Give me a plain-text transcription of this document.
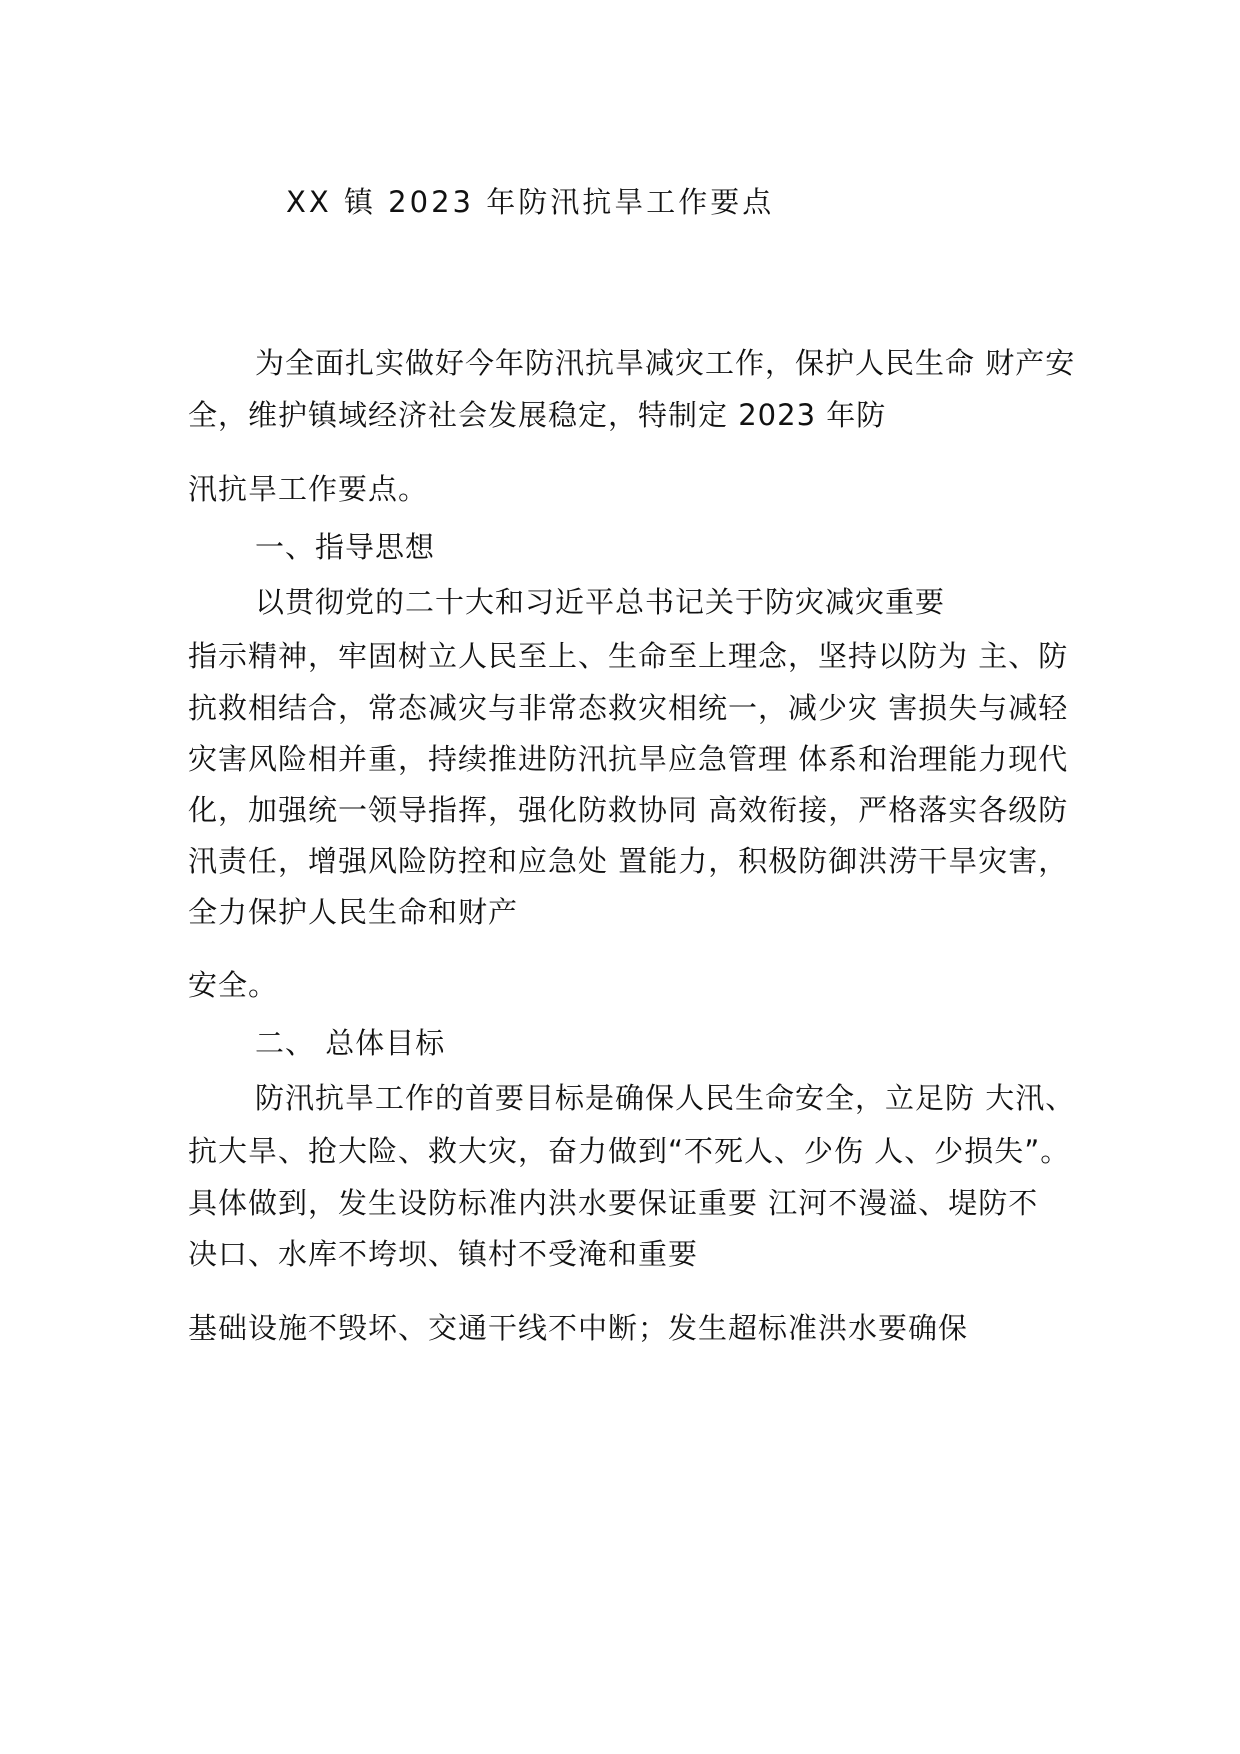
XX 镇 2023 年防汛抗旱工作要点
为全面扎实做好今年防汛抗旱减灾工作，保护人民生命 财产安
全，维护镇域经济社会发展稳定，特制定 2023 年防
汛抗旱工作要点。
一、指导思想
以贯彻党的二十大和习近平总书记关于防灾减灾重要
指示精神，牢固树立人民至上、生命至上理念，坚持以防为 主、防
抗救相结合，常态减灾与非常态救灾相统一，减少灾 害损失与减轻
灾害风险相并重，持续推进防汛抗旱应急管理 体系和治理能力现代
化，加强统一领导指挥，强化防救协同 高效衔接，严格落实各级防
汛责任，增强风险防控和应急处 置能力，积极防御洪涝干旱灾害，
全力保护人民生命和财产
安全。
二、 总体目标
防汛抗旱工作的首要目标是确保人民生命安全，立足防 大汛、
抗大旱、抢大险、救大灾，奋力做到“不死人、少伤 人、少损失”。
具体做到，发生设防标准内洪水要保证重要 江河不漫溢、堤防不
决口、水库不垮坝、镇村不受淹和重要
基础设施不毁坏、交通干线不中断；发生超标准洪水要确保
